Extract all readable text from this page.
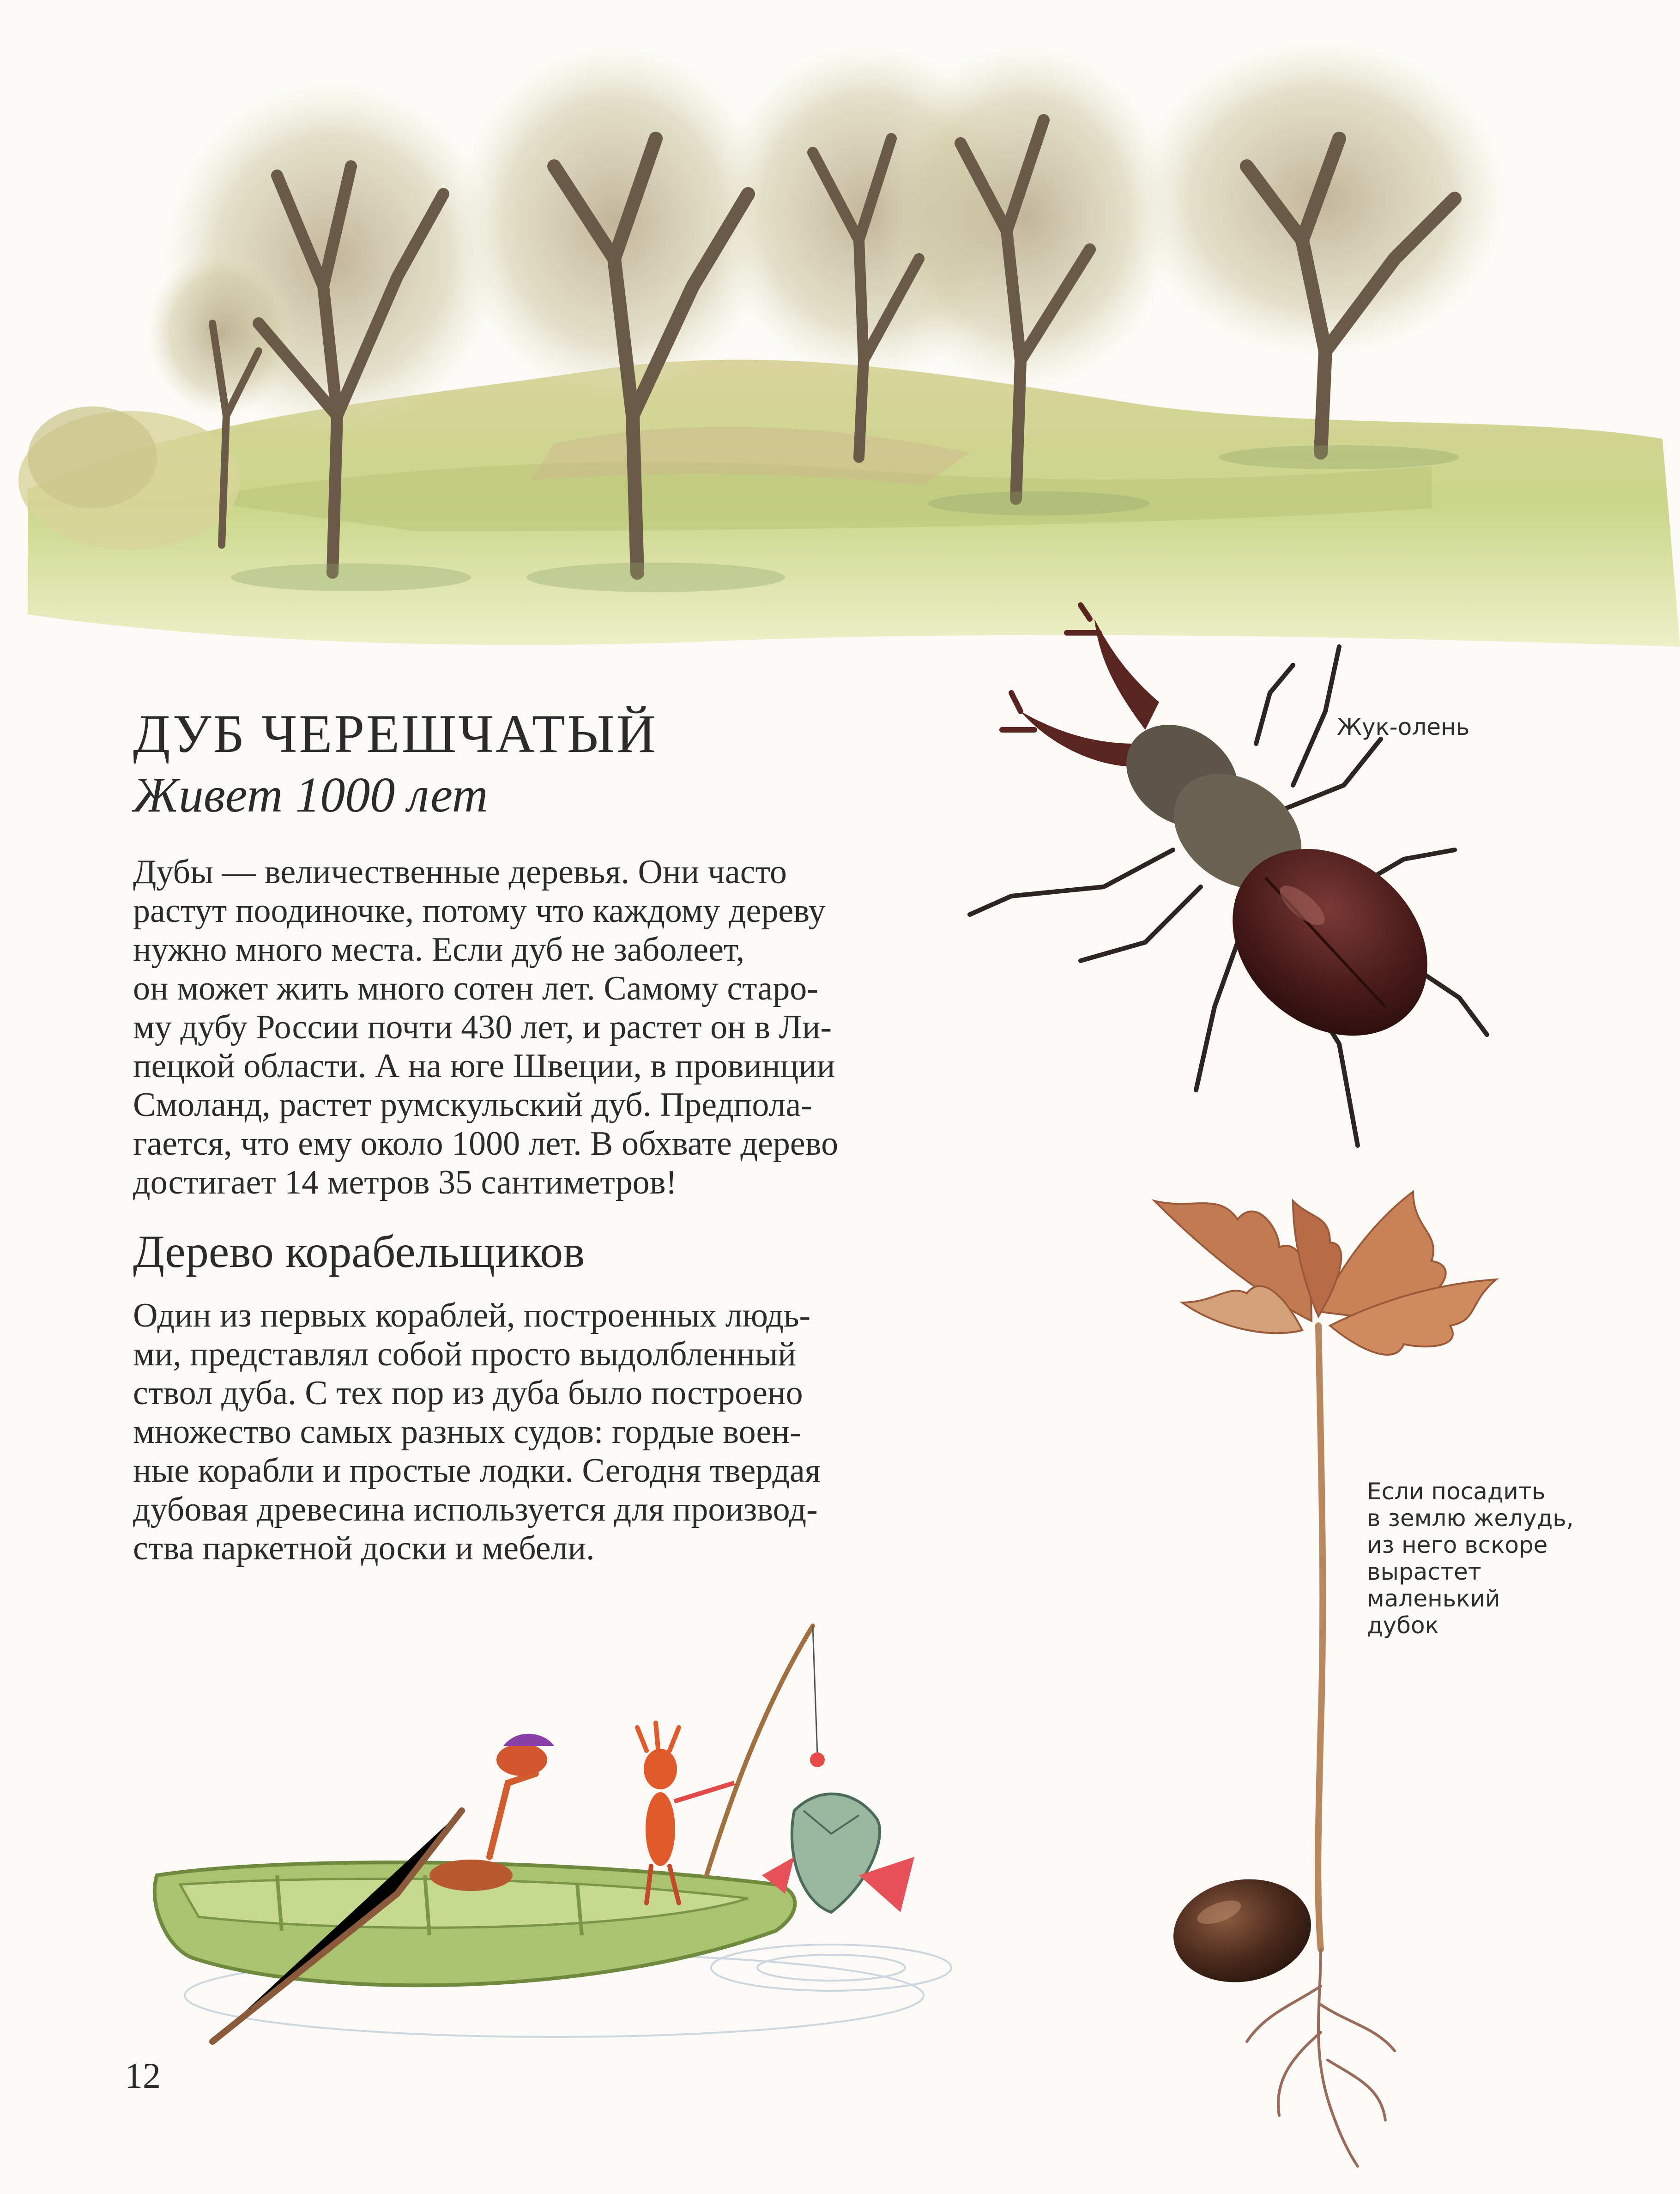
ДУБ ЧЕРЕШЧАТЫЙ
Живет 1000 лет
Дубы — величественные деревья. Они часто
растут поодиночке, потому что каждому дереву
нужно много места. Если дуб не заболеет,
он может жить много сотен лет. Самому старо-
му дубу России почти 430 лет, и растет он в Ли-
пецкой области. А на юге Швеции, в провинции
Смоланд, растет румскульский дуб. Предпола-
гается, что ему около 1000 лет. В обхвате дерево
достигает 14 метров 35 сантиметров!
Дерево корабельщиков
Один из первых кораблей, построенных людь-
ми, представлял собой просто выдолбленный
ствол дуба. С тех пор из дуба было построено
множество самых разных судов: гордые воен-
ные корабли и простые лодки. Сегодня твердая
дубовая древесина используется для производ-
ства паркетной доски и мебели.
Жук-олень
Если посадить
в землю желудь,
из него вскоре
вырастет
маленький
дубок
12
